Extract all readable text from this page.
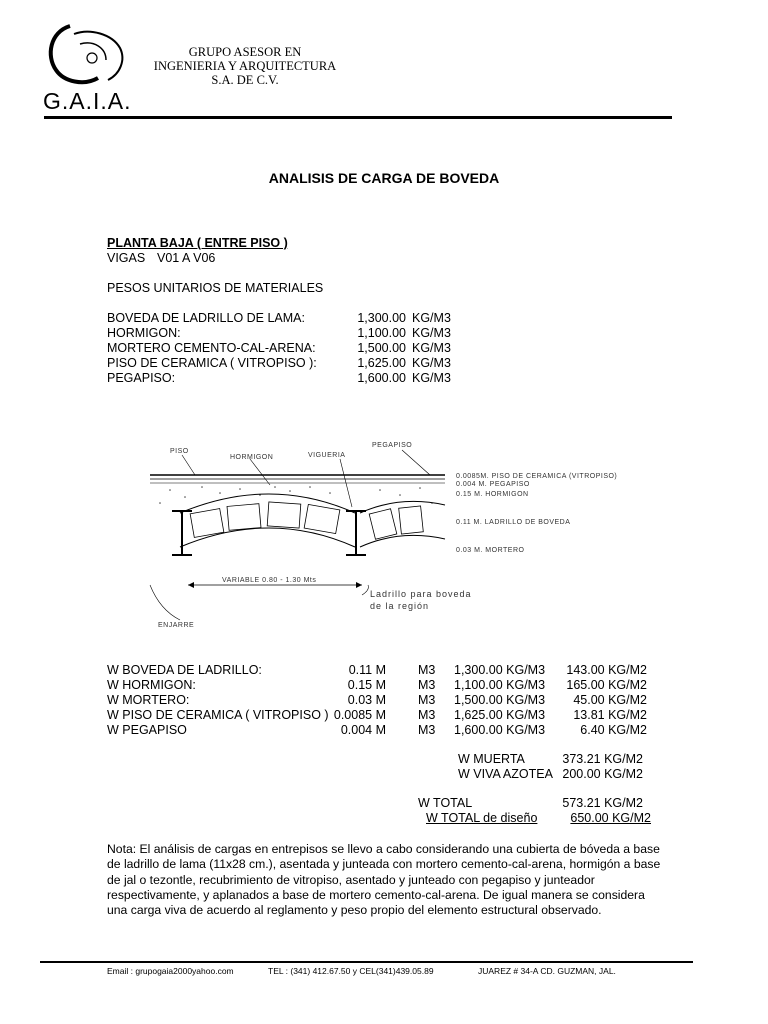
G.A.I.A.
GRUPO ASESOR EN
INGENIERIA Y ARQUITECTURA
S.A. DE C.V.
ANALISIS DE CARGA DE BOVEDA
PLANTA BAJA ( ENTRE PISO )
VIGAS V01 A V06
PESOS UNITARIOS DE MATERIALES
BOVEDA DE LADRILLO DE LAMA:	1,300.00 KG/M3
HORMIGON:	1,100.00 KG/M3
MORTERO CEMENTO-CAL-ARENA:	1,500.00 KG/M3
PISO DE CERAMICA ( VITROPISO ):	1,625.00 KG/M3
PEGAPISO:	1,600.00 KG/M3
PISO
HORMIGON	VIGUERIA
PEGAPISO
0.0085M. PISO DE CERAMICA (VITROPISO)
0.004 M. PEGAPISO
0.15 M. HORMIGON
0.11 M. LADRILLO DE BOVEDA
0.03 M. MORTERO
VARIABLE 0.80 - 1.30 Mts
Ladrillo para boveda
de la región
ENJARRE
W BOVEDA DE LADRILLO:	0.11 M	M3 1,300.00 KG/M3	143.00 KG/M2
W HORMIGON:	0.15 M	M3 1,100.00 KG/M3	165.00 KG/M2
W MORTERO:	0.03 M	M3 1,500.00 KG/M3	45.00 KG/M2
W PISO DE CERAMICA ( VITROPISO ) 0.0085 M	M3 1,625.00 KG/M3	13.81 KG/M2
W PEGAPISO	0.004 M	M3 1,600.00 KG/M3	6.40 KG/M2
W MUERTA	373.21 KG/M2
W VIVA AZOTEA 200.00 KG/M2
W TOTAL	573.21 KG/M2
W TOTAL de diseño	650.00 KG/M2
Nota: El análisis de cargas en entrepisos se llevo a cabo considerando una cubierta de bóveda a base de ladrillo de lama (11x28 cm.), asentada y junteada con mortero cemento-cal-arena, hormigón a base de jal o tezontle, recubrimiento de vitropiso, asentado y junteado con pegapiso y junteador respectivamente, y aplanados a base de mortero cemento-cal-arena. De igual manera se considera una carga viva de acuerdo al reglamento y peso propio del elemento estructural observado.
Email : grupogaia2000yahoo.com	TEL : (341) 412.67.50 y CEL(341)439.05.89	JUAREZ # 34-A CD. GUZMAN, JAL.
